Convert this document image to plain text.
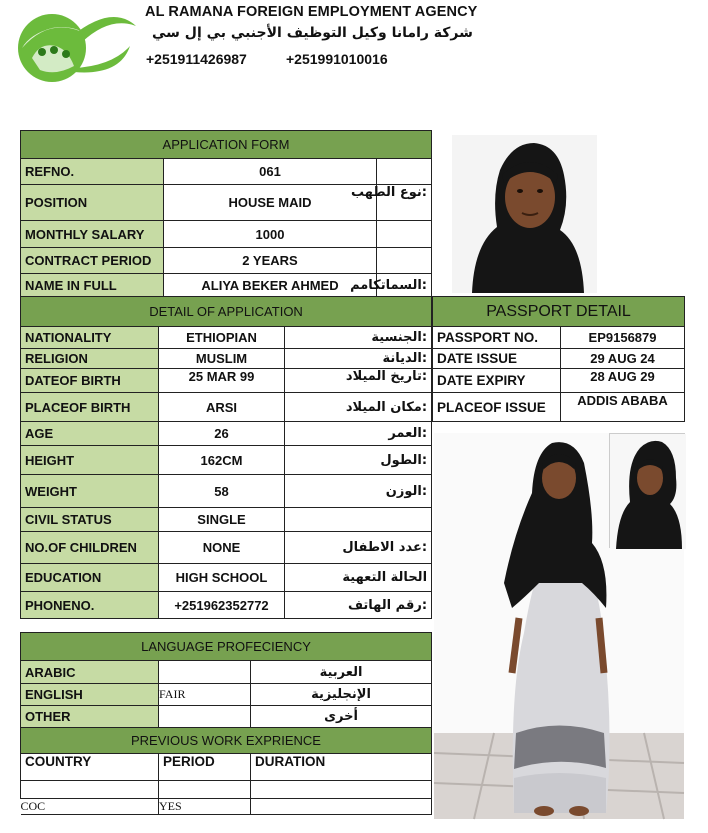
AL RAMANA FOREIGN EMPLOYMENT AGENCY
شركة رامانا وكيل التوظيف الأجنبي بي إل سي
+251911426987	+251991010016
APPLICATION FORM		
REFNO.	061	
POSITION	HOUSE MAID	:نوع الطهب
MONTHLY SALARY	1000	
CONTRACT PERIOD	2 YEARS	
NAME IN FULL	ALIYA BEKER AHMED	:السماتكامم
DETAIL OF APPLICATION		
NATIONALITY	ETHIOPIAN	:الجنسية
RELIGION	MUSLIM	:الديانة
DATEOF BIRTH	25 MAR 99	:تاريخ الميلاد
PLACEOF BIRTH	ARSI	:مكان الميلاد
AGE	26	:العمر
HEIGHT	162CM	:الطول
WEIGHT	58	:الوزن
CIVIL STATUS	SINGLE	
NO.OF CHILDREN	NONE	:عدد الاطفال
EDUCATION	HIGH SCHOOL	الحالة التعهية
PHONENO.	+251962352772	:رقم الهاتف
LANGUAGE PROFECIENCY		
ARABIC		العربية
ENGLISH	FAIR	الإنجليزية
OTHER		أخرى
PREVIOUS WORK EXPRIENCE		
COUNTRY	PERIOD	DURATION

COC	YES	
PASSPORT DETAIL	
PASSPORT NO.	EP9156879
DATE ISSUE	29 AUG 24
DATE EXPIRY	28 AUG 29
PLACEOF ISSUE	ADDIS ABABA
